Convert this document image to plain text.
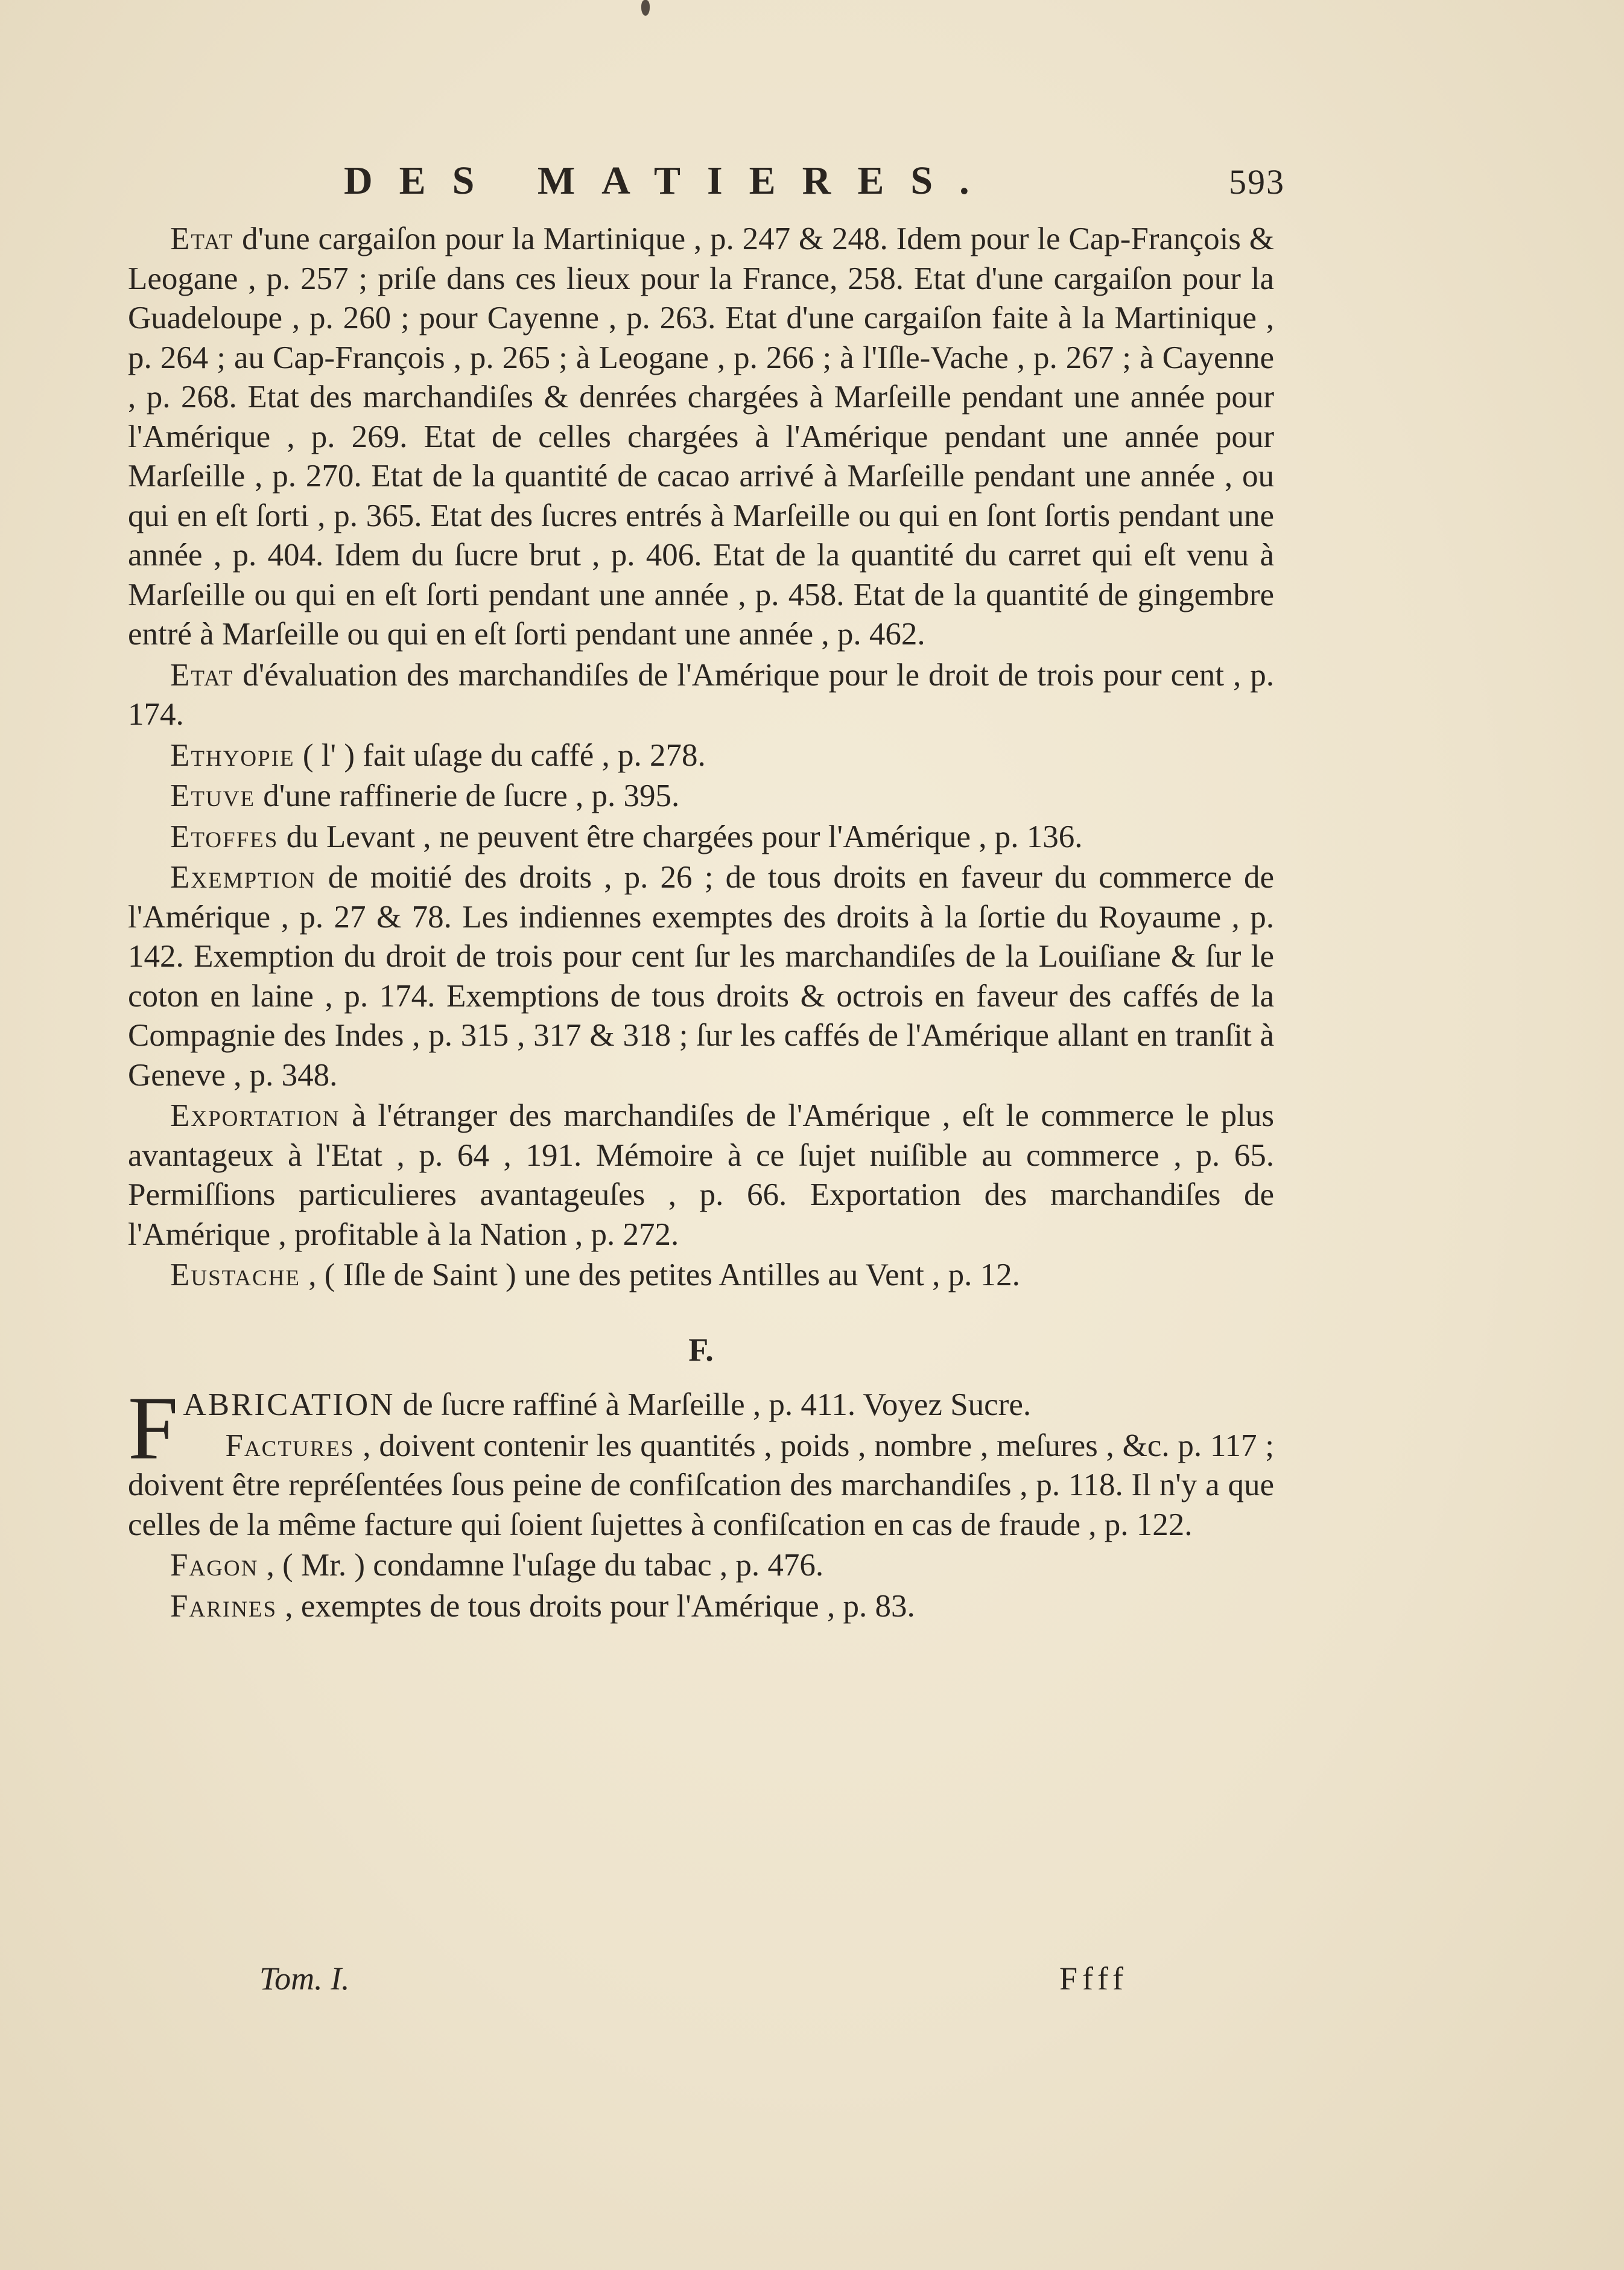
DES MATIERES.	593

Etat d'une cargaiſon pour la Martinique , p. 247 & 248. Idem pour le Cap-François & Leogane , p. 257 ; priſe dans ces lieux pour la France, 258. Etat d'une cargaiſon pour la Guadeloupe , p. 260 ; pour Cayenne , p. 263. Etat d'une cargaiſon faite à la Martinique , p. 264 ; au Cap-François , p. 265 ; à Leogane , p. 266 ; à l'Iſle-Vache , p. 267 ; à Cayenne , p. 268. Etat des marchandiſes & denrées chargées à Marſeille pendant une année pour l'Amérique , p. 269. Etat de celles chargées à l'Amérique pendant une année pour Marſeille , p. 270. Etat de la quantité de cacao arrivé à Marſeille pendant une année , ou qui en eſt ſorti , p. 365. Etat des ſucres entrés à Marſeille ou qui en ſont ſortis pendant une année , p. 404. Idem du ſucre brut , p. 406. Etat de la quantité du carret qui eſt venu à Marſeille ou qui en eſt ſorti pendant une année , p. 458. Etat de la quantité de gingembre entré à Marſeille ou qui en eſt ſorti pendant une année , p. 462.

Etat d'évaluation des marchandiſes de l'Amérique pour le droit de trois pour cent , p. 174.

Ethyopie ( l' ) fait uſage du caffé , p. 278.

Etuve d'une raffinerie de ſucre , p. 395.

Etoffes du Levant , ne peuvent être chargées pour l'Amérique , p. 136.

Exemption de moitié des droits , p. 26 ; de tous droits en faveur du commerce de l'Amérique , p. 27 & 78. Les indiennes exemptes des droits à la ſortie du Royaume , p. 142. Exemption du droit de trois pour cent ſur les marchandiſes de la Louiſiane & ſur le coton en laine , p. 174. Exemptions de tous droits & octrois en faveur des caffés de la Compagnie des Indes , p. 315 , 317 & 318 ; ſur les caffés de l'Amérique allant en tranſit à Geneve , p. 348.

Exportation à l'étranger des marchandiſes de l'Amérique , eſt le commerce le plus avantageux à l'Etat , p. 64 , 191. Mémoire à ce ſujet nuiſible au commerce , p. 65. Permiſſions particulieres avantageuſes , p. 66. Exportation des marchandiſes de l'Amérique , profitable à la Nation , p. 272.

Eustache , ( Iſle de Saint ) une des petites Antilles au Vent , p. 12.

F.

FABRICATION de ſucre raffiné à Marſeille , p. 411. Voyez Sucre.

Factures , doivent contenir les quantités , poids , nombre , meſures , &c. p. 117 ; doivent être repréſentées ſous peine de confiſcation des marchandiſes , p. 118. Il n'y a que celles de la même facture qui ſoient ſujettes à confiſcation en cas de fraude , p. 122.

Fagon , ( Mr. ) condamne l'uſage du tabac , p. 476.

Farines , exemptes de tous droits pour l'Amérique , p. 83.

Tom. I.	Ffff
